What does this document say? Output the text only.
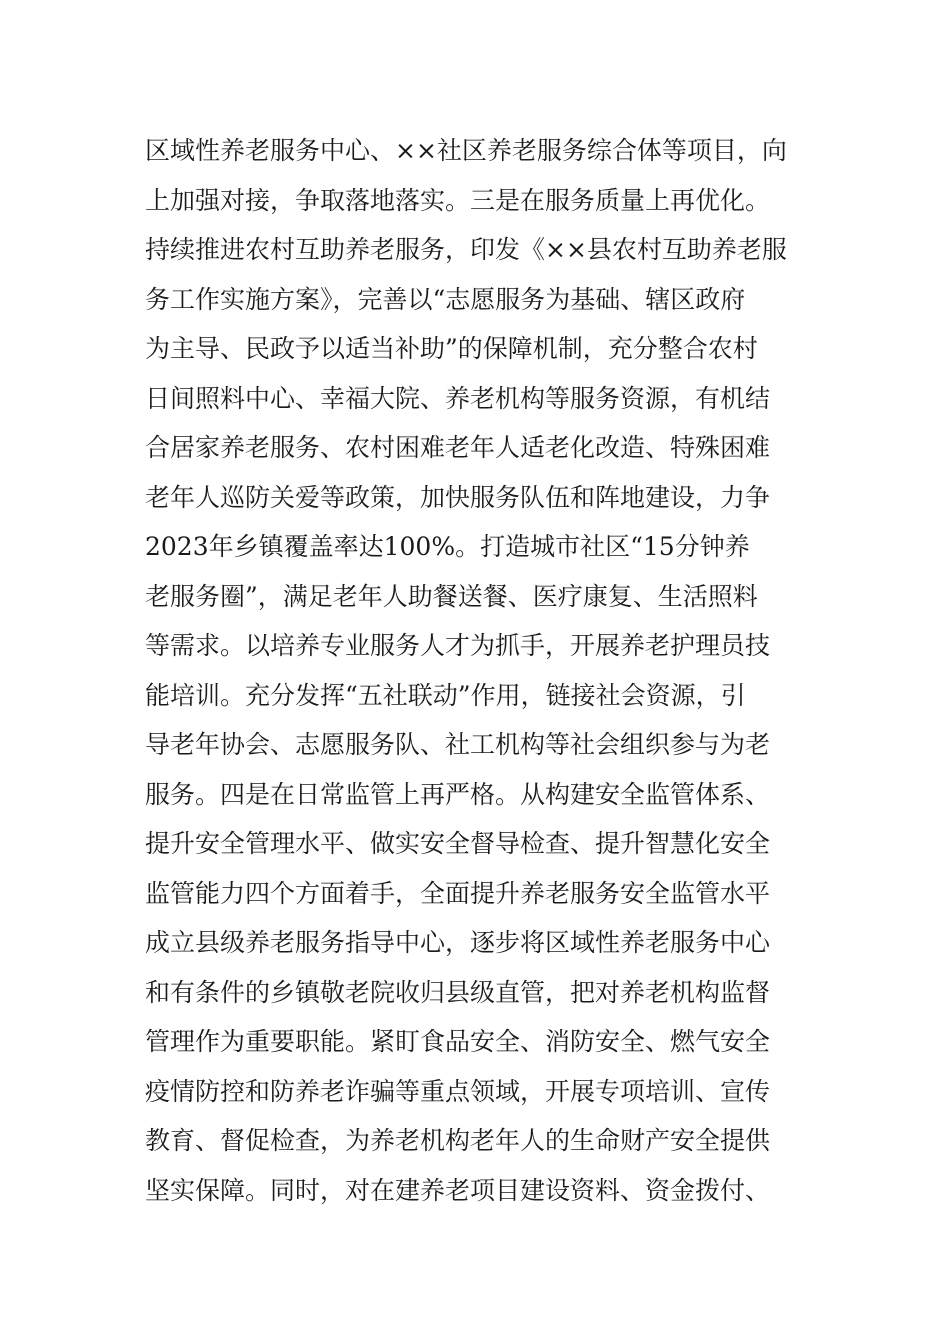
区域性养老服务中心、××社区养老服务综合体等项目，向
上加强对接，争取落地落实。三是在服务质量上再优化。
持续推进农村互助养老服务，印发《××县农村互助养老服
务工作实施方案》，完善以“志愿服务为基础、辖区政府
为主导、民政予以适当补助”的保障机制，充分整合农村
日间照料中心、幸福大院、养老机构等服务资源，有机结
合居家养老服务、农村困难老年人适老化改造、特殊困难
老年人巡防关爱等政策，加快服务队伍和阵地建设，力争
2023年乡镇覆盖率达100%。打造城市社区“15分钟养
老服务圈”，满足老年人助餐送餐、医疗康复、生活照料
等需求。以培养专业服务人才为抓手，开展养老护理员技
能培训。充分发挥“五社联动”作用，链接社会资源，引
导老年协会、志愿服务队、社工机构等社会组织参与为老
服务。四是在日常监管上再严格。从构建安全监管体系、
提升安全管理水平、做实安全督导检查、提升智慧化安全
监管能力四个方面着手，全面提升养老服务安全监管水平
成立县级养老服务指导中心，逐步将区域性养老服务中心
和有条件的乡镇敬老院收归县级直管，把对养老机构监督
管理作为重要职能。紧盯食品安全、消防安全、燃气安全
疫情防控和防养老诈骗等重点领域，开展专项培训、宣传
教育、督促检查，为养老机构老年人的生命财产安全提供
坚实保障。同时，对在建养老项目建设资料、资金拨付、
